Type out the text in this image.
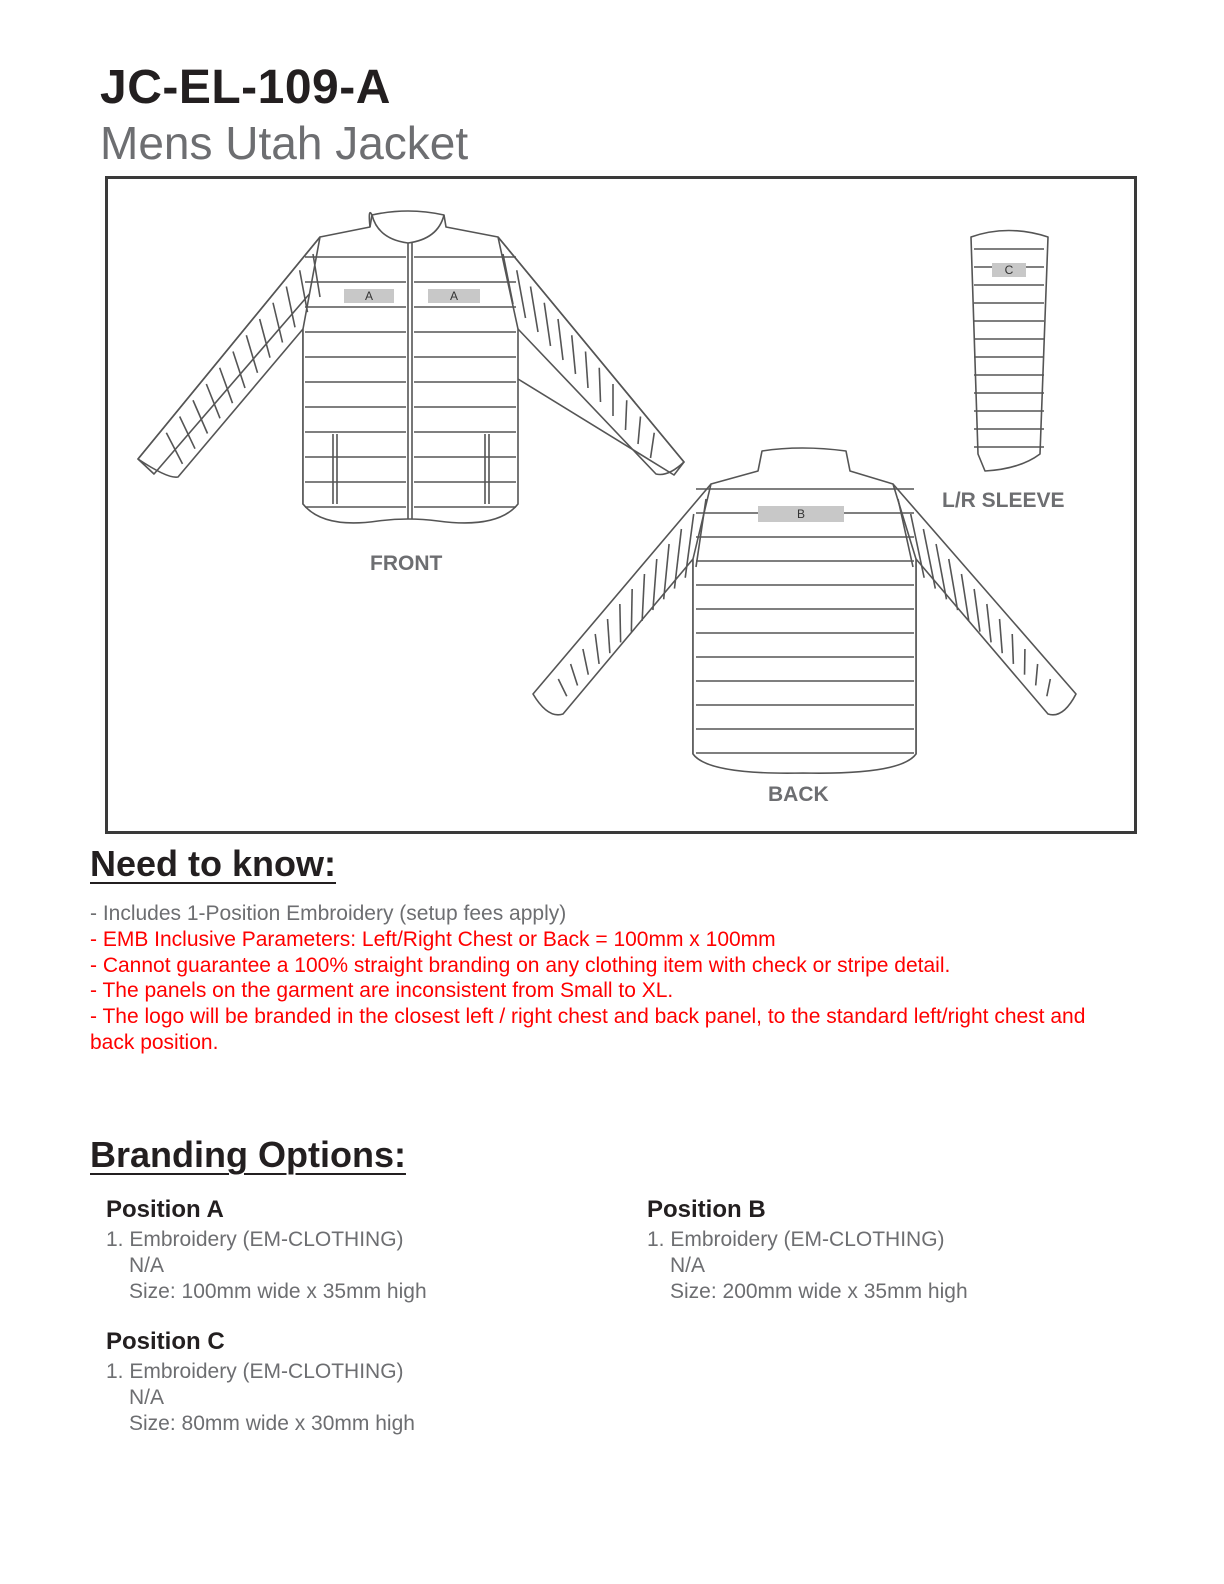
JC-EL-109-A
Mens Utah Jacket
A	A
B
C
FRONT
BACK
L/R SLEEVE
Need to know:
- Includes 1-Position Embroidery (setup fees apply)
- EMB Inclusive Parameters: Left/Right Chest or Back = 100mm x 100mm
- Cannot guarantee a 100% straight branding on any clothing item with check or stripe detail.
- The panels on the garment are inconsistent from Small to XL.
- The logo will be branded in the closest left / right chest and back panel, to the standard left/right chest and back position.
Branding Options:
Position A
1. Embroidery (EM-CLOTHING)
N/A
Size: 100mm wide x 35mm high
Position B
1. Embroidery (EM-CLOTHING)
N/A
Size: 200mm wide x 35mm high
Position C
1. Embroidery (EM-CLOTHING)
N/A
Size: 80mm wide x 30mm high
